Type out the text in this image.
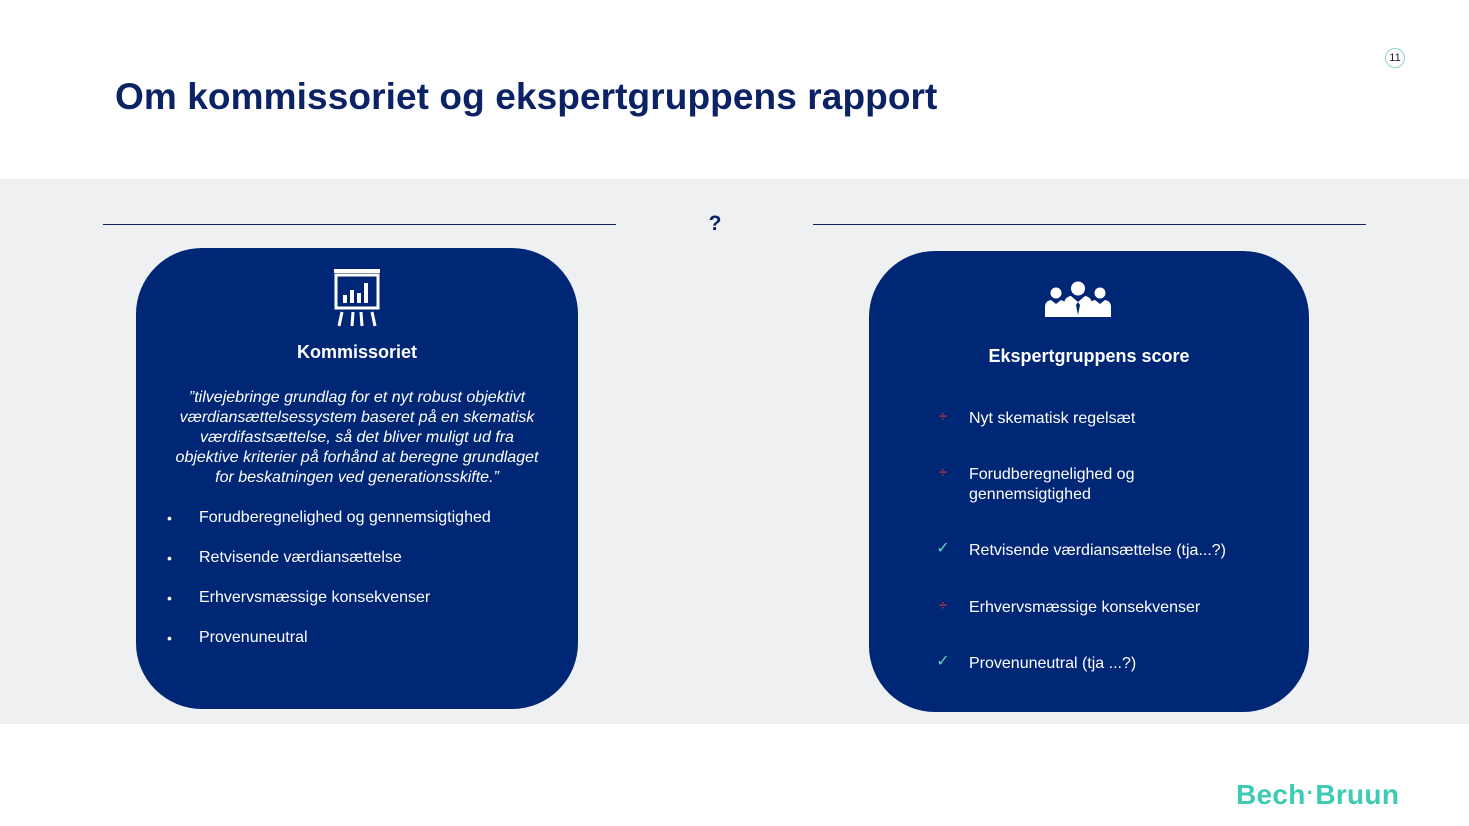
11
Om kommissoriet og ekspertgruppens rapport
?
Kommissoriet

”tilvejebringe grundlag for et nyt robust objektivt
værdiansættelsessystem baseret på en skematisk
værdifastsættelse, så det bliver muligt ud fra
objektive kriterier på forhånd at beregne grundlaget
for beskatningen ved generationsskifte.”

• Forudberegnelighed og gennemsigtighed
• Retvisende værdiansættelse
• Erhvervsmæssige konsekvenser
• Provenuneutral
Ekspertgruppens score
÷ Nyt skematisk regelsæt
÷ Forudberegnelighed og gennemsigtighed
✓ Retvisende værdiansættelse (tja...?)
÷ Erhvervsmæssige konsekvenser
✓ Provenuneutral (tja ...?)
Bech·Bruun
